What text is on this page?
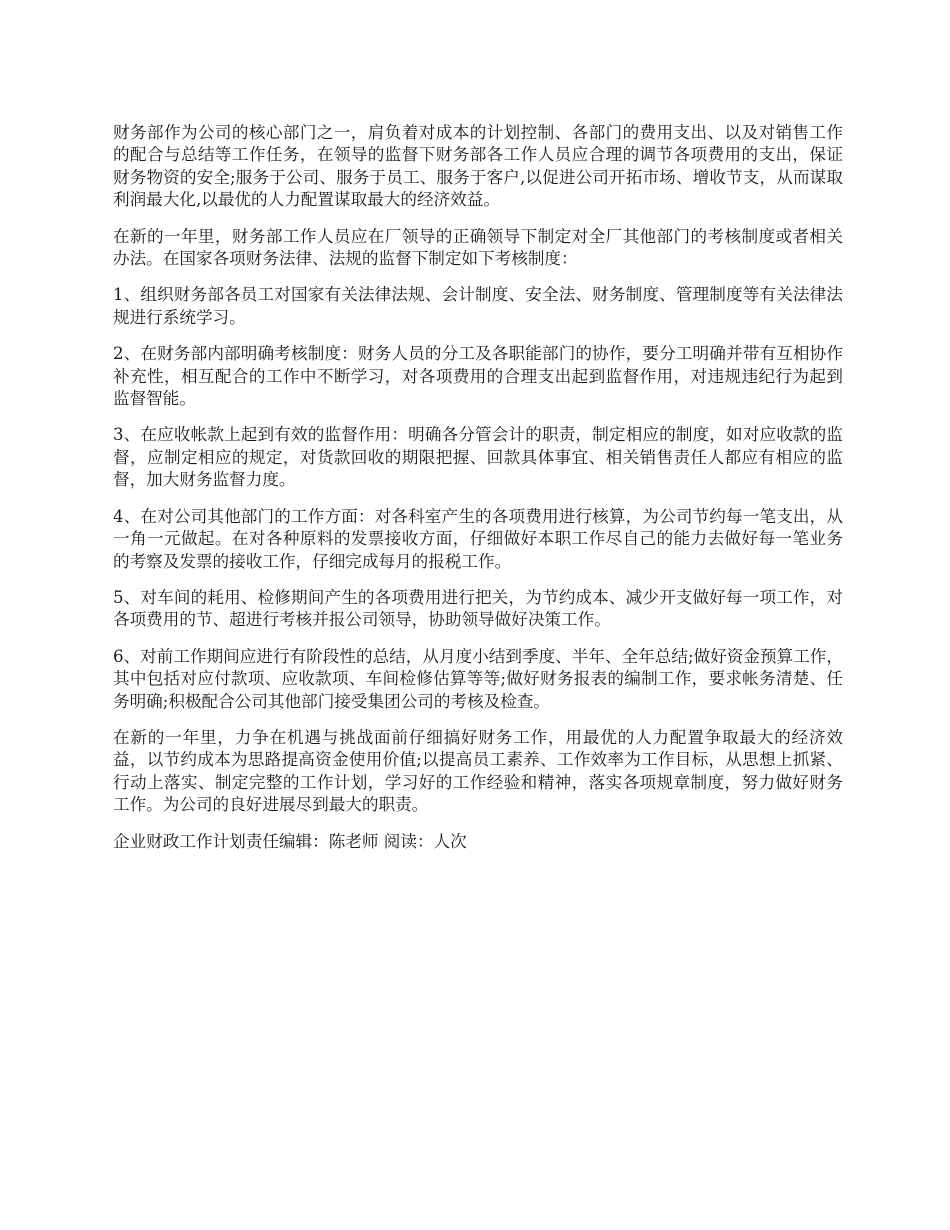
财务部作为公司的核心部门之一，肩负着对成本的计划控制、各部门的费用支出、以及对销售工作的配合与总结等工作任务，在领导的监督下财务部各工作人员应合理的调节各项费用的支出，保证财务物资的安全;服务于公司、服务于员工、服务于客户,以促进公司开拓市场、增收节支，从而谋取利润最大化,以最优的人力配置谋取最大的经济效益。

在新的一年里，财务部工作人员应在厂领导的正确领导下制定对全厂其他部门的考核制度或者相关办法。在国家各项财务法律、法规的监督下制定如下考核制度：

1、组织财务部各员工对国家有关法律法规、会计制度、安全法、财务制度、管理制度等有关法律法规进行系统学习。

2、在财务部内部明确考核制度：财务人员的分工及各职能部门的协作，要分工明确并带有互相协作补充性，相互配合的工作中不断学习，对各项费用的合理支出起到监督作用，对违规违纪行为起到监督智能。

3、在应收帐款上起到有效的监督作用：明确各分管会计的职责，制定相应的制度，如对应收款的监督，应制定相应的规定，对货款回收的期限把握、回款具体事宜、相关销售责任人都应有相应的监督，加大财务监督力度。

4、在对公司其他部门的工作方面：对各科室产生的各项费用进行核算，为公司节约每一笔支出，从一角一元做起。在对各种原料的发票接收方面，仔细做好本职工作尽自己的能力去做好每一笔业务的考察及发票的接收工作，仔细完成每月的报税工作。

5、对车间的耗用、检修期间产生的各项费用进行把关，为节约成本、减少开支做好每一项工作，对各项费用的节、超进行考核并报公司领导，协助领导做好决策工作。

6、对前工作期间应进行有阶段性的总结，从月度小结到季度、半年、全年总结;做好资金预算工作，其中包括对应付款项、应收款项、车间检修估算等等;做好财务报表的编制工作，要求帐务清楚、任务明确;积极配合公司其他部门接受集团公司的考核及检查。

在新的一年里，力争在机遇与挑战面前仔细搞好财务工作，用最优的人力配置争取最大的经济效益，以节约成本为思路提高资金使用价值;以提高员工素养、工作效率为工作目标，从思想上抓紧、行动上落实、制定完整的工作计划，学习好的工作经验和精神，落实各项规章制度，努力做好财务工作。为公司的良好进展尽到最大的职责。

企业财政工作计划责任编辑：陈老师 阅读：人次
